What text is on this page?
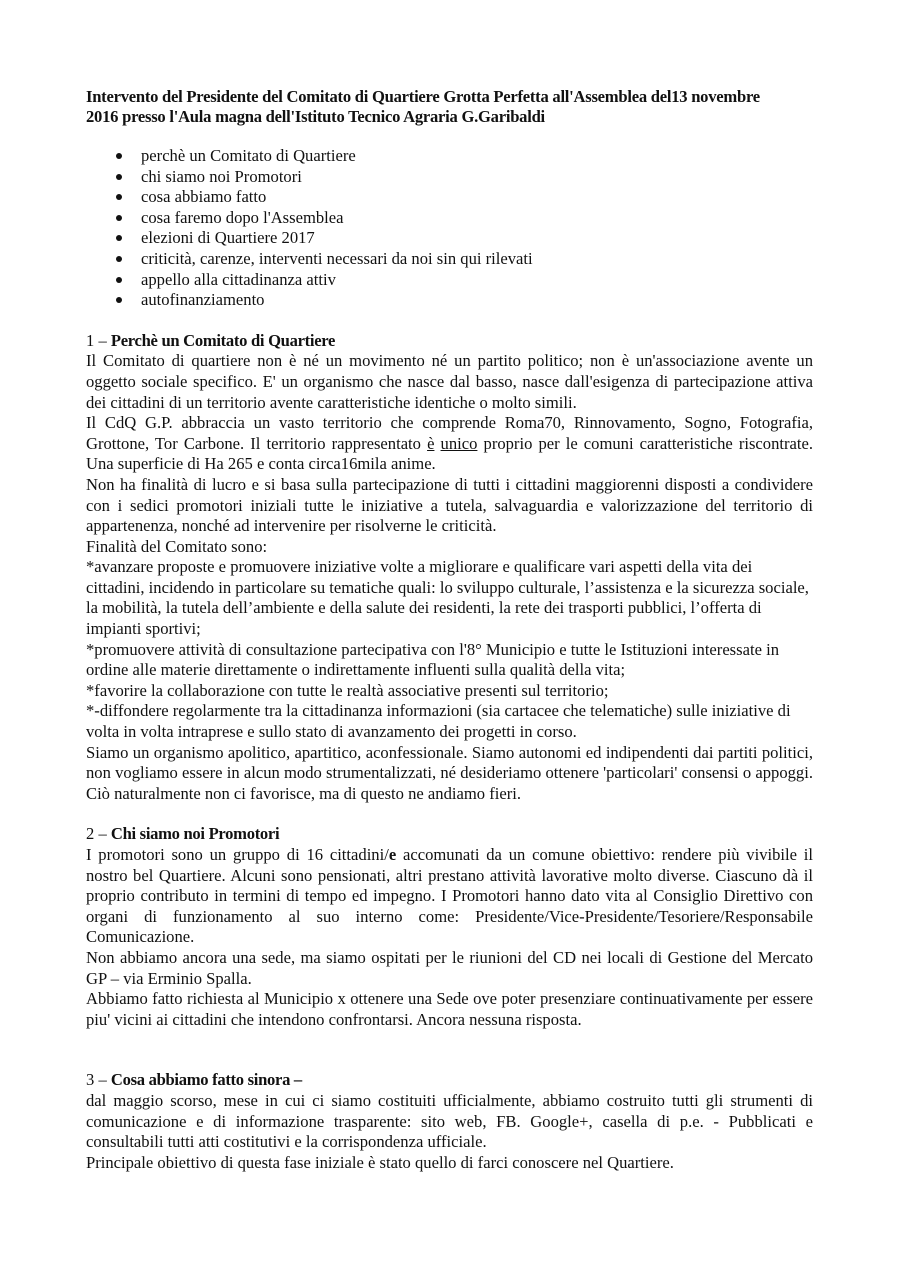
Intervento del Presidente del Comitato di Quartiere Grotta Perfetta all'Assemblea del13 novembre
2016 presso l'Aula magna dell'Istituto Tecnico Agraria G.Garibaldi

perchè un Comitato di Quartiere
chi siamo noi Promotori
cosa abbiamo fatto
cosa faremo dopo l'Assemblea
elezioni di Quartiere 2017
criticità, carenze, interventi necessari da noi sin qui rilevati
appello alla cittadinanza attiv
autofinanziamento

1 – Perchè un Comitato di Quartiere

Il Comitato di quartiere non è né un movimento né un partito politico; non è un'associazione avente un oggetto sociale specifico. E' un organismo che nasce dal basso, nasce dall'esigenza di partecipazione attiva dei cittadini di un territorio avente caratteristiche identiche o molto simili.

Il CdQ G.P. abbraccia un vasto territorio che comprende Roma70, Rinnovamento, Sogno, Fotografia, Grottone, Tor Carbone. Il territorio rappresentato è unico proprio per le comuni caratteristiche riscontrate. Una superficie di Ha 265 e conta circa16mila anime.

Non ha finalità di lucro e si basa sulla partecipazione di tutti i cittadini maggiorenni disposti a condividere con i sedici promotori iniziali tutte le iniziative a tutela, salvaguardia e valorizzazione del territorio di appartenenza, nonché ad intervenire per risolverne le criticità.

Finalità del Comitato sono:

*avanzare proposte e promuovere iniziative volte a migliorare e qualificare vari aspetti della vita dei cittadini, incidendo in particolare su tematiche quali: lo sviluppo culturale, l’assistenza e la sicurezza sociale, la mobilità, la tutela dell’ambiente e della salute dei residenti, la rete dei trasporti pubblici, l’offerta di impianti sportivi;

*promuovere attività di consultazione partecipativa con l'8° Municipio e tutte le Istituzioni interessate in ordine alle materie direttamente o indirettamente influenti sulla qualità della vita;

*favorire la collaborazione con tutte le realtà associative presenti sul territorio;

*-diffondere regolarmente tra la cittadinanza informazioni (sia cartacee che telematiche) sulle iniziative di volta in volta intraprese e sullo stato di avanzamento dei progetti in corso.

Siamo un organismo apolitico, apartitico, aconfessionale. Siamo autonomi ed indipendenti dai partiti politici, non vogliamo essere in alcun modo strumentalizzati, né desideriamo ottenere 'particolari' consensi o appoggi. Ciò naturalmente non ci favorisce, ma di questo ne andiamo fieri.

2 – Chi siamo noi Promotori

I promotori sono un gruppo di 16 cittadini/e accomunati da un comune obiettivo: rendere più vivibile il nostro bel Quartiere. Alcuni sono pensionati, altri prestano attività lavorative molto diverse. Ciascuno dà il proprio contributo in termini di tempo ed impegno. I Promotori hanno dato vita al Consiglio Direttivo con organi di funzionamento al suo interno come: Presidente/Vice-Presidente/Tesoriere/Responsabile Comunicazione.

Non abbiamo ancora una sede, ma siamo ospitati per le riunioni del CD nei locali di Gestione del Mercato GP – via Erminio Spalla.

Abbiamo fatto richiesta al Municipio x ottenere una Sede ove poter presenziare continuativamente per essere piu' vicini ai cittadini che intendono confrontarsi. Ancora nessuna risposta.

3 – Cosa abbiamo fatto sinora –

dal maggio scorso, mese in cui ci siamo costituiti ufficialmente, abbiamo costruito tutti gli strumenti di comunicazione e di informazione trasparente: sito web, FB. Google+, casella di p.e. - Pubblicati e consultabili tutti atti costitutivi e la corrispondenza ufficiale.

Principale obiettivo di questa fase iniziale è stato quello di farci conoscere nel Quartiere.
